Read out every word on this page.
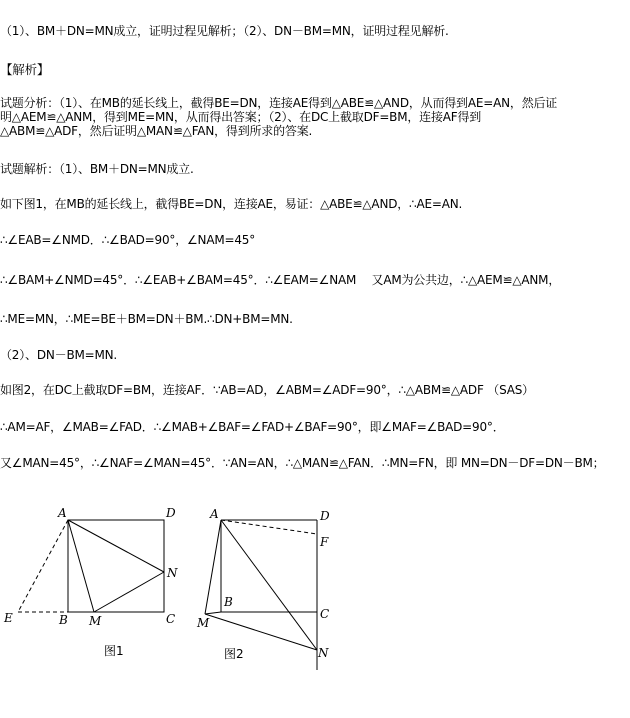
（1）、BM＋DN=MN成立，证明过程见解析；（2）、DN－BM=MN，证明过程见解析.
【解析】
试题分析：（1）、在MB的延长线上，截得BE=DN，连接AE得到△ABE≌△AND，从而得到AE=AN，然后证
明△AEM≌△ANM，得到ME=MN，从而得出答案；（2）、在DC上截取DF=BM，连接AF得到
△ABM≌△ADF，然后证明△MAN≌△FAN，得到所求的答案.
试题解析：（1）、BM＋DN=MN成立.
如下图1，在MB的延长线上，截得BE=DN，连接AE，易证：△ABE≌△AND，∴AE=AN.
∴∠EAB=∠NMD．∴∠BAD=90°，∠NAM=45°
∴∠BAM+∠NMD=45°．∴∠EAB+∠BAM=45°．∴∠EAM=∠NAM　 又AM为公共边，∴△AEM≌△ANM，
∴ME=MN，∴ME=BE＋BM=DN＋BM.∴DN+BM=MN.
（2）、DN－BM=MN.
如图2，在DC上截取DF=BM，连接AF．∵AB=AD，∠ABM=∠ADF=90°，∴△ABM≌△ADF （SAS）
∴AM=AF，∠MAB=∠FAD．∴∠MAB+∠BAF=∠FAD+∠BAF=90°，即∠MAF=∠BAD=90°．
又∠MAN=45°，∴∠NAF=∠MAN=45°．∵AN=AN，∴△MAN≌△FAN．∴MN=FN，即 MN=DN－DF=DN－BM；
A	D
N
E	B M	C
图1
A	D
F
B
C
M
N
图2
